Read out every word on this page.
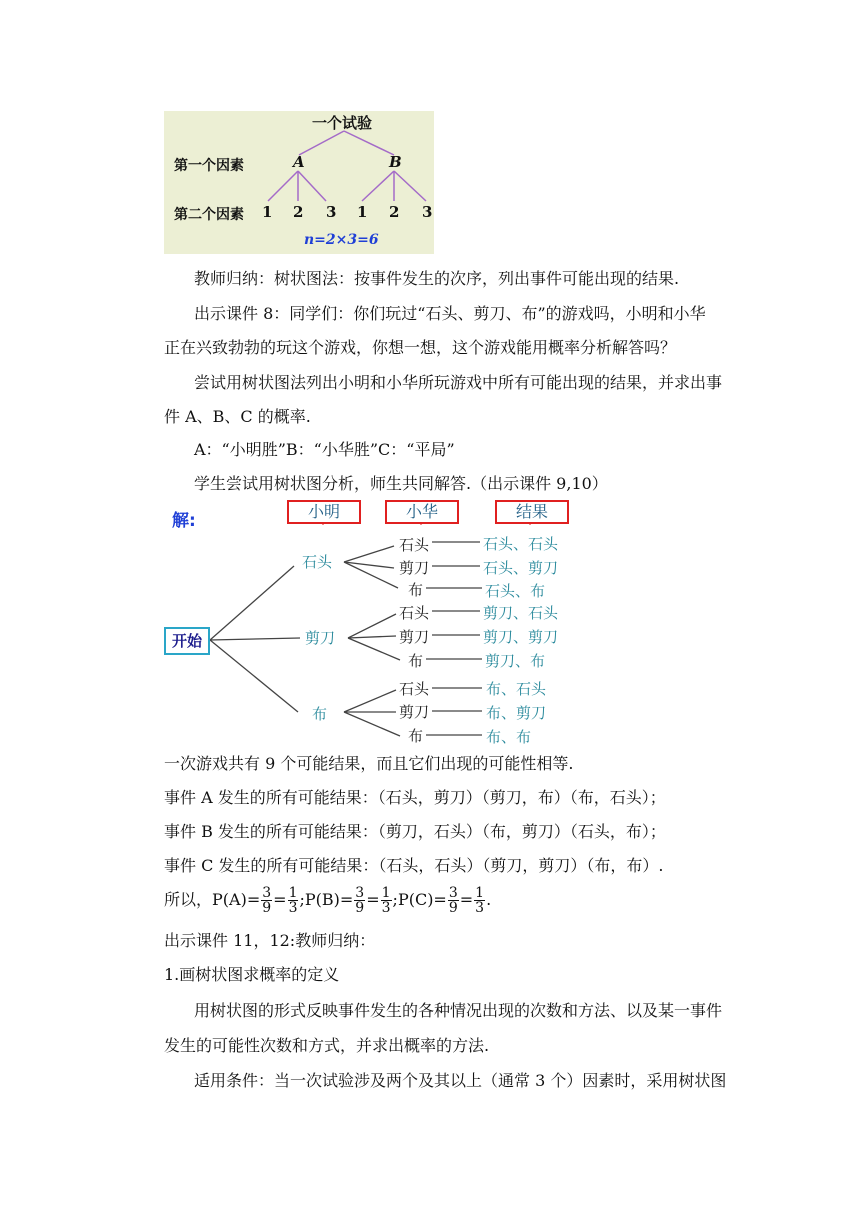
一个试验
第一个因素
第二个因素
A	B
1 2 3 1 2 3
n=2×3=6

教师归纳：树状图法：按事件发生的次序，列出事件可能出现的结果.

出示课件 8：同学们：你们玩过“石头、剪刀、布”的游戏吗，小明和小华

正在兴致勃勃的玩这个游戏，你想一想，这个游戏能用概率分析解答吗？

尝试用树状图法列出小明和小华所玩游戏中所有可能出现的结果，并求出事

件 A、B、C 的概率.

A：“小明胜”B：“小华胜”C：“平局”

学生尝试用树状图分析，师生共同解答.（出示课件 9,10）

解:	小明	小华	结果
开始
石头
剪刀
布
石头
剪刀
布
石头
剪刀
布
石头
剪刀
布
石头、石头
石头、剪刀
石头、布
剪刀、石头
剪刀、剪刀
剪刀、布
布、石头
布、剪刀
布、布

一次游戏共有 9 个可能结果，而且它们出现的可能性相等.

事件 A 发生的所有可能结果：（石头，剪刀）（剪刀，布）（布，石头）；

事件 B 发生的所有可能结果：（剪刀，石头）（布，剪刀）（石头，布）；

事件 C 发生的所有可能结果：（石头，石头）（剪刀，剪刀）（布，布）.

所以，$P(A)= \frac{3}{9} = \frac{1}{3}$ ;P(B)= $\frac{3}{9} = \frac{1}{3}$ ;P(C)= $\frac{3}{9} = \frac{1}{3}$ .

出示课件 11，12:教师归纳：

1.画树状图求概率的定义

用树状图的形式反映事件发生的各种情况出现的次数和方法、以及某一事件

发生的可能性次数和方式，并求出概率的方法.

适用条件：当一次试验涉及两个及其以上（通常 3 个）因素时，采用树状图
